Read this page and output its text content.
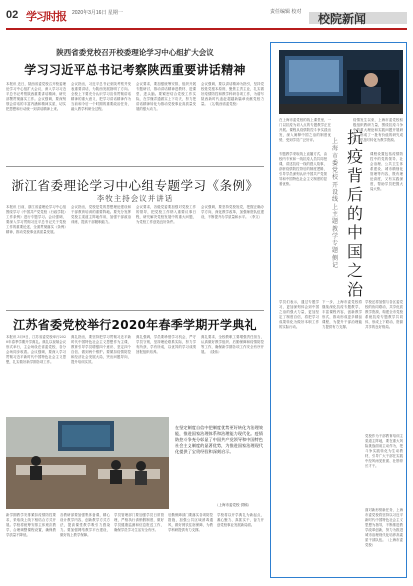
02 学习时报 2020年3月16日 星期一	责任编辑 校对	校院新闻
陕西省委党校召开校委理论学习中心组扩大会议
学习习近平总书记考察陕西重要讲话精神
本报讯 近日，陕西省委党校召开校委理论学习中心组扩大会议，深入学习习近平总书记考察陕西重要讲话精神，研究部署贯彻落实工作。会议强调，要深刻领会讲话的丰富内涵和精神实质，切实把思想和行动统一到讲话精神上来。
会议指出，习近平总书记来陕考察并发表重要讲话，为陕西发展指明了方向。全校上下要充分认识学习宣传贯彻讲话精神的重大意义，把学习讲话精神作为当前和今后一个时期的重要政治任务，融入教学科研全过程。
会议要求，要加强统筹安排，组织开展专题研讨，推动讲话精神进教材、进课堂、进头脑。要紧密结合党校工作实际，在学懂弄通做实上下功夫，努力把讲话精神转化为推动党校事业高质量发展的强大动力。
会议强调，要以讲话精神为指引，坚持党校姓党根本原则，聚焦主责主业，扎实做好疫情防控和教学科研各项工作，为谱写陕西新时代追赶超越新篇章贡献党校力量。（文/陕西省委党校）
浙江省委理论学习中心组专题学习《条例》
李牧主持会议并讲话
本报讯 日前，浙江省委理论学习中心组围绕学习《中国共产党党校（行政学院）工作条例》进行专题学习。会议强调，要深入学习贯彻习近平总书记关于党校工作的重要论述，全面贯彻落实《条例》精神，推动党校事业高质量发展。
会议指出，党校是党的思想理论建设和干部教育培训的重要阵地。要充分发挥党校主渠道主阵地作用，加强干部政治训练，提高干部履职能力。
会议要求，各级党委要加强对党校工作的领导，把党校工作纳入重要议事日程，研究解决党校发展中的重大问题，为党校工作创造良好条件。
会议强调，要坚持党校姓党，把握正确办学方向，深化教学改革，加强师资队伍建设，不断提升办学质量和水平。（李文）
江苏省委党校举行2020年春季学期开学典礼
本报讯 3月9日，江苏省委党校举行2020年春季学期开学典礼。典礼以视频会议形式举行，主会场设在省委党校，各分会场同步收看。会议强调，要深入学习贯彻习近平新时代中国特色社会主义思想，扎实做好新学期各项工作。
典礼指出，要坚持把学习贯彻习近平新时代中国特色社会主义思想作为主课，教育引导学员增强四个意识、坚定四个自信、做到两个维护。要紧扣疫情防控和经济社会发展大局，突出问题导向，提升培训实效。
典礼强调，学员要珍惜学习机会，严守学员守则，坚持理论联系实际，努力学有所获、学有所成，以优异的学习成绩回报组织培养。
典礼要求，全校教职工要增强责任担当，认真做好教学组织、后勤保障和疫情防控等工作，确保新学期各项工作安全有序开展。（钱伟）
在坚定制度自信中把制度优势更好转化为治理效能，推进国家治理体系和治理能力现代化。疫情防控斗争充分彰显了中国共产党领导和中国特色社会主义制度的显著优势，为推进国家治理现代化提供了宝贵经验和深刻启示。
（上海市委党校 供稿）
新学期教学安排紧扣疫情防控要求，采取线上线下相结合方式开展。学校将统筹安排主体班次教学，合理调整课程设置，确保教学质量不降低。
各教研部要加强集体备课，精心设计教学内容，创新教学方式方法，提高课堂教学吸引力感染力。要加强网络教学平台建设，做好线上教学保障。
学员管理部门要加强学员日常管理，严格执行请销假制度，做好学员健康监测和信息报送工作，确保学员学习生活安全有序。
后勤保障部门要落实各项防控措施，加强公共区域消毒通风，做好餐饮住宿保障，为教学科研提供有力支撑。
学校将以开学典礼为新起点，凝心聚力、真抓实干，奋力开创党校事业发展新局面。
在上海市委党校的线上课堂里，一门以抗疫为切入点的专题教学正在开展。课程从疫情防控斗争实践出发，深入阐释中国之治的制度优势，受到学员广泛好评。
疫情发生以来，上海市委党校积极组织教研力量，围绕抗疫斗争中的重大理论和实践问题开展研究，形成了一批有价值的研究成果，并及时转化为教学资源。
抗疫背后的中国之治
上海市委党校开设线上主题教学专题侧记
专题教学采取线上直播方式，由校内专家和一线抗疫人员共同授课，讲述抗疫一线的感人故事，剖析疫情防控背后的制度逻辑，引导学员深刻认识中国共产党领导和中国特色社会主义制度的显著优势。
课程设置包括疫情防控中的党的领导、社会治理、公共卫生体系建设、城市精细化管理等内容，既有理论高度，又有实践深度，帮助学员把握大局大势。
学员们表示，通过专题学习，更加深刻体会到中国之治的强大力量，更加坚定了制度自信，将把学习成果转化为做好本职工作的实际行动。
下一步，上海市委党校将继续深化抗疫专题教学，丰富课程内容，创新教学形式，推动形成更多精品课程，为提升干部治理能力提供有力支撑。
学校还将加强与各区委党校的协同联动，共享优质教学资源，构建全市党校系统抗疫专题教学共同体，形成上下联动、资源共享的良好格局。
党校作为干部教育培训主渠道主阵地，要在重大风险挑战面前主动作为，把斗争实践转化为生动教材，引导广大干部在实践中经风雨见世面、壮筋骨长才干。
面对新形势新任务，上海市委党校将坚持以习近平新时代中国特色社会主义思想为指导，不断推进教学改革创新，努力为推进城市治理现代化培养高素质干部队伍。（上海市委党校）
